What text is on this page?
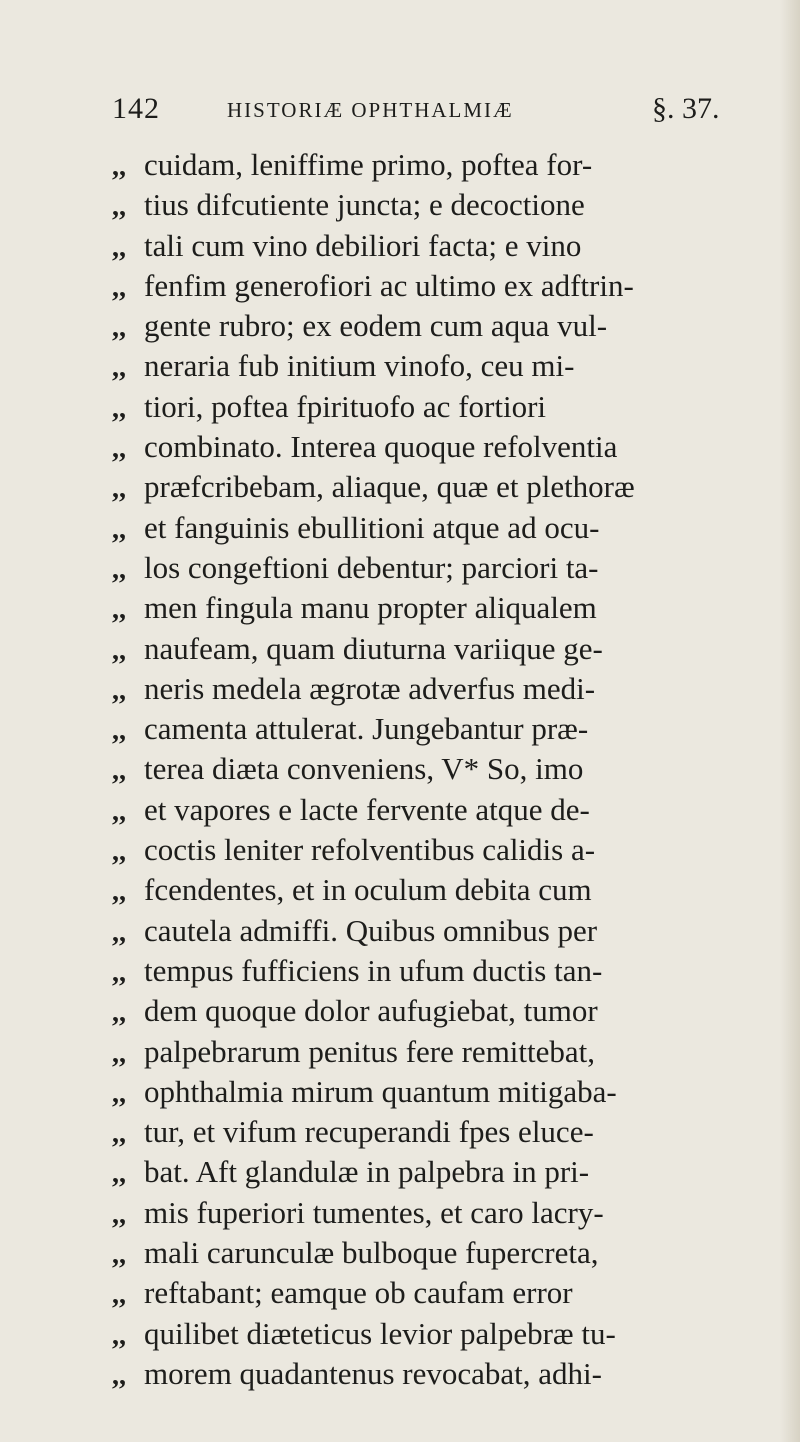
142	HISTORIÆ OPHTHALMIÆ	§. 37.
,, cuidam, leniffime primo, poftea for-
,, tius difcutiente juncta; e decoctione
,, tali cum vino debiliori facta; e vino
,, fenfim generofiori ac ultimo ex adftrin-
,, gente rubro; ex eodem cum aqua vul-
,, neraria fub initium vinofo, ceu mi-
,, tiori, poftea fpirituofo ac fortiori
,, combinato. Interea quoque refolventia
,, præfcribebam, aliaque, quæ et plethoræ
,, et fanguinis ebullitioni atque ad ocu-
,, los congeftioni debentur; parciori ta-
,, men fingula manu propter aliqualem
,, naufeam, quam diuturna variique ge-
,, neris medela ægrotæ adverfus medi-
,, camenta attulerat. Jungebantur præ-
,, terea diæta conveniens, V* So, imo
,, et vapores e lacte fervente atque de-
,, coctis leniter refolventibus calidis a-
,, fcendentes, et in oculum debita cum
,, cautela admiffi. Quibus omnibus per
,, tempus fufficiens in ufum ductis tan-
,, dem quoque dolor aufugiebat, tumor
,, palpebrarum penitus fere remittebat,
,, ophthalmia mirum quantum mitigaba-
,, tur, et vifum recuperandi fpes eluce-
,, bat. Aft glandulæ in palpebra in pri-
,, mis fuperiori tumentes, et caro lacry-
,, mali carunculæ bulboque fupercreta,
,, reftabant; eamque ob caufam error
,, quilibet diæteticus levior palpebræ tu-
,, morem quadantenus revocabat, adhi-
